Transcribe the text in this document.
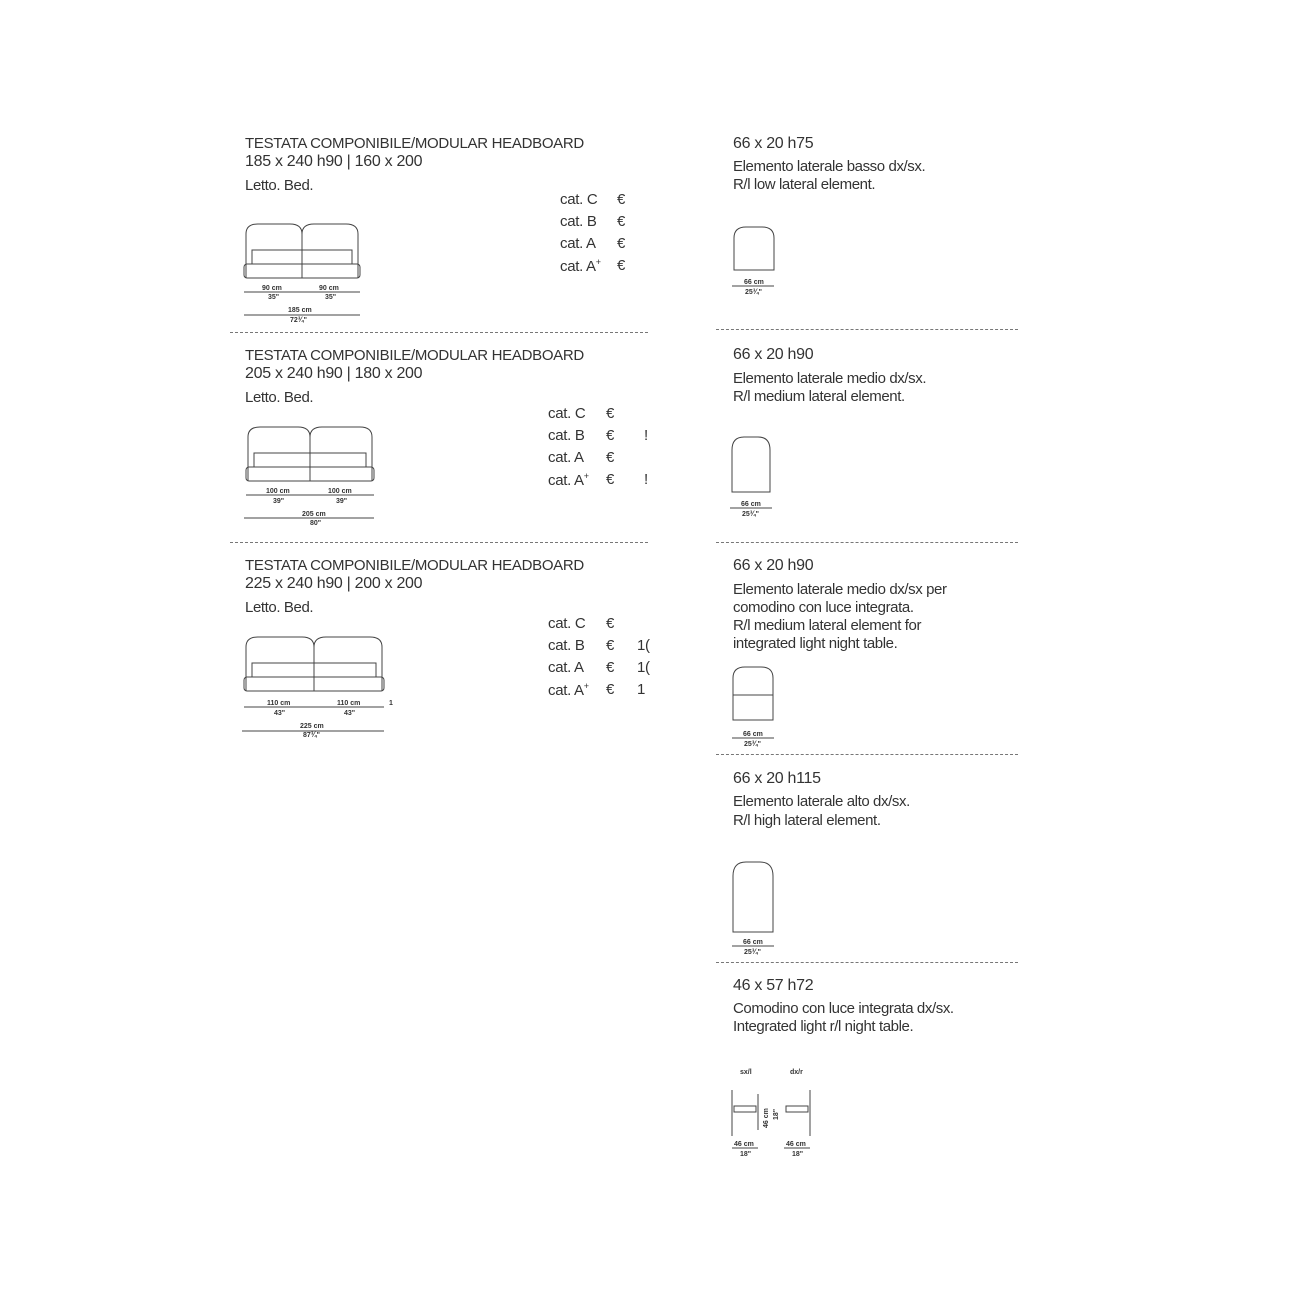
TESTATA COMPONIBILE/MODULAR HEADBOARD
185 x 240 h90 | 160 x 200
Letto. Bed.
cat. C €
cat. B €
cat. A €
cat. A+ €
90 cm
35"
90 cm
35"
185 cm
72¾"
TESTATA COMPONIBILE/MODULAR HEADBOARD
205 x 240 h90 | 180 x 200
Letto. Bed.
cat. C €
cat. B € !
cat. A €
cat. A+ € !
100 cm
39"
100 cm
39"
205 cm
80"
TESTATA COMPONIBILE/MODULAR HEADBOARD
225 x 240 h90 | 200 x 200
Letto. Bed.
cat. C €
cat. B € 1(
cat. A € 1(
cat. A+ € 1
110 cm
43"
110 cm
43"
1
225 cm
87¾"
66 x 20 h75
Elemento laterale basso dx/sx.
R/l low lateral element.
66 cm
25¾"
66 x 20 h90
Elemento laterale medio dx/sx.
R/l medium lateral element.
66 cm
25¾"
66 x 20 h90
Elemento laterale medio dx/sx per
comodino con luce integrata.
R/l medium lateral element for
integrated light night table.
66 cm
25¾"
66 x 20 h115
Elemento laterale alto dx/sx.
R/l high lateral element.
66 cm
25¾"
46 x 57 h72
Comodino con luce integrata dx/sx.
Integrated light r/l night table.
sx/l	dx/r
46 cm 18"
46 cm
18"
46 cm
18"
